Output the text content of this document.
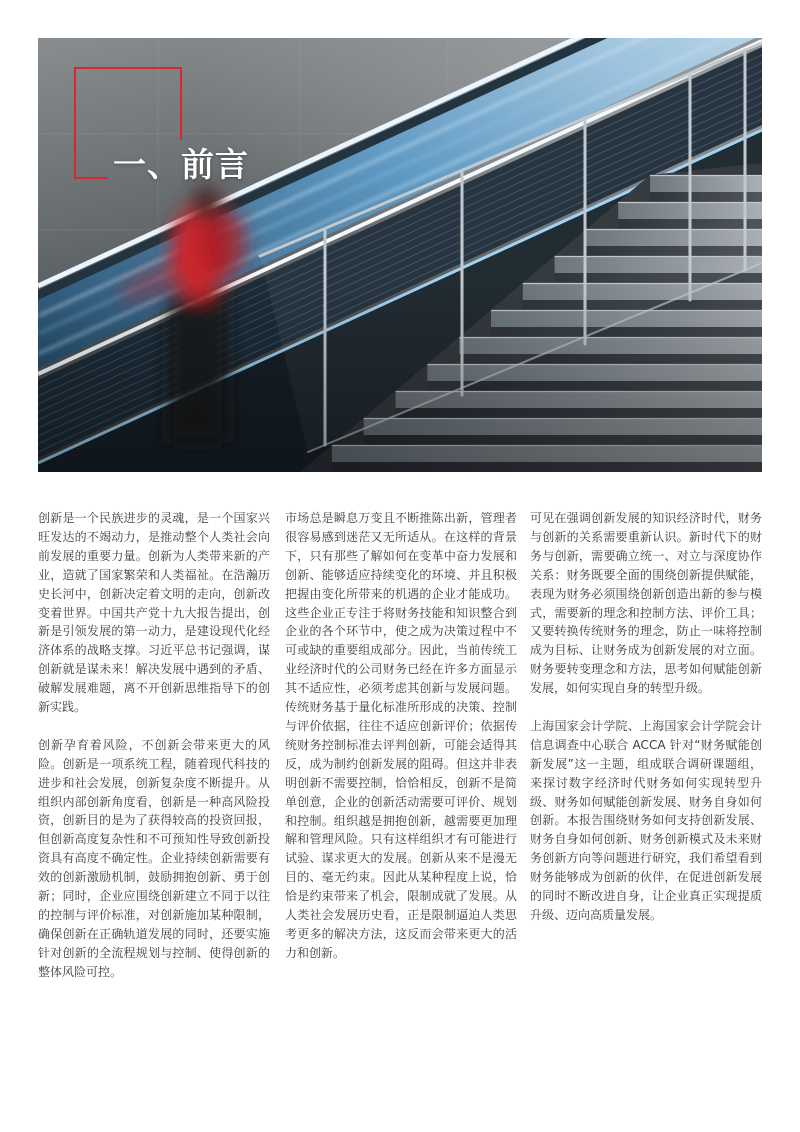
一、前言

创新是一个民族进步的灵魂，是一个国家兴旺发达的不竭动力，是推动整个人类社会向前发展的重要力量。创新为人类带来新的产业，造就了国家繁荣和人类福祉。在浩瀚历史长河中，创新决定着文明的走向，创新改变着世界。中国共产党十九大报告提出，创新是引领发展的第一动力，是建设现代化经济体系的战略支撑。习近平总书记强调，谋创新就是谋未来！解决发展中遇到的矛盾、破解发展难题，离不开创新思维指导下的创新实践。

创新孕育着风险，不创新会带来更大的风险。创新是一项系统工程，随着现代科技的进步和社会发展，创新复杂度不断提升。从组织内部创新角度看，创新是一种高风险投资，创新目的是为了获得较高的投资回报，但创新高度复杂性和不可预知性导致创新投资具有高度不确定性。企业持续创新需要有效的创新激励机制，鼓励拥抱创新、勇于创新；同时，企业应围绕创新建立不同于以往的控制与评价标准，对创新施加某种限制，确保创新在正确轨道发展的同时，还要实施针对创新的全流程规划与控制、使得创新的整体风险可控。

市场总是瞬息万变且不断推陈出新，管理者很容易感到迷茫又无所适从。在这样的背景下，只有那些了解如何在变革中奋力发展和创新、能够适应持续变化的环境、并且积极把握由变化所带来的机遇的企业才能成功。这些企业正专注于将财务技能和知识整合到企业的各个环节中，使之成为决策过程中不可或缺的重要组成部分。因此，当前传统工业经济时代的公司财务已经在许多方面显示其不适应性，必须考虑其创新与发展问题。传统财务基于量化标准所形成的决策、控制与评价依据，往往不适应创新评价；依据传统财务控制标准去评判创新，可能会适得其反，成为制约创新发展的阻碍。但这并非表明创新不需要控制，恰恰相反，创新不是简单创意，企业的创新活动需要可评价、规划和控制。组织越是拥抱创新，越需要更加理解和管理风险。只有这样组织才有可能进行试验、谋求更大的发展。创新从来不是漫无目的、毫无约束。因此从某种程度上说，恰恰是约束带来了机会，限制成就了发展。从人类社会发展历史看，正是限制逼迫人类思考更多的解决方法，这反而会带来更大的活力和创新。

可见在强调创新发展的知识经济时代，财务与创新的关系需要重新认识。新时代下的财务与创新，需要确立统一、对立与深度协作关系：财务既要全面的围绕创新提供赋能，表现为财务必须围绕创新创造出新的参与模式，需要新的理念和控制方法、评价工具；又要转换传统财务的理念，防止一味将控制成为目标、让财务成为创新发展的对立面。财务要转变理念和方法，思考如何赋能创新发展，如何实现自身的转型升级。

上海国家会计学院、上海国家会计学院会计信息调查中心联合 ACCA 针对“财务赋能创新发展”这一主题，组成联合调研课题组，来探讨数字经济时代财务如何实现转型升级、财务如何赋能创新发展、财务自身如何创新。本报告围绕财务如何支持创新发展、财务自身如何创新、财务创新模式及未来财务创新方向等问题进行研究，我们希望看到财务能够成为创新的伙伴，在促进创新发展的同时不断改进自身，让企业真正实现提质升级、迈向高质量发展。
